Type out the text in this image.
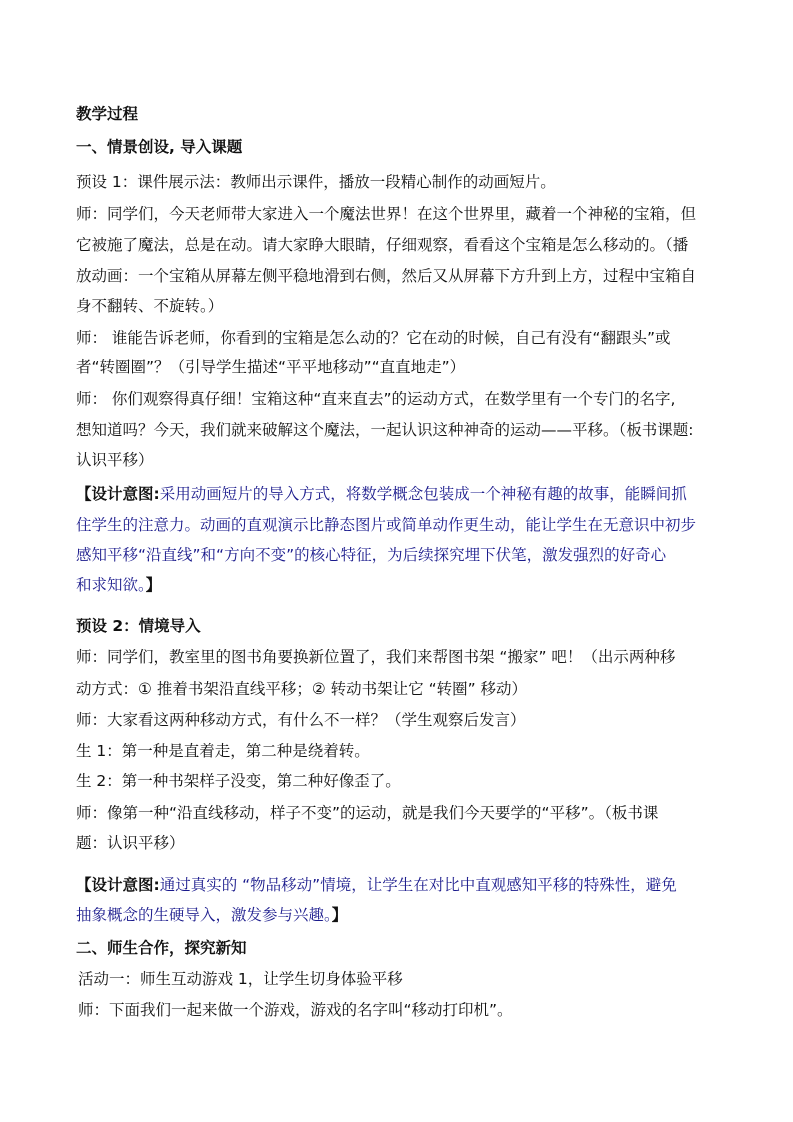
教学过程
一、情景创设, 导入课题
预设 1：课件展示法：教师出示课件，播放一段精心制作的动画短片。
师：同学们，今天老师带大家进入一个魔法世界！在这个世界里，藏着一个神秘的宝箱，但
它被施了魔法，总是在动。请大家睁大眼睛，仔细观察，看看这个宝箱是怎么移动的。（播
放动画：一个宝箱从屏幕左侧平稳地滑到右侧，然后又从屏幕下方升到上方，过程中宝箱自
身不翻转、不旋转。）
师： 谁能告诉老师，你看到的宝箱是怎么动的？它在动的时候，自己有没有“翻跟头”或
者“转圈圈”？（引导学生描述“平平地移动”“直直地走”）
师： 你们观察得真仔细！宝箱这种“直来直去”的运动方式，在数学里有一个专门的名字,
想知道吗？今天，我们就来破解这个魔法，一起认识这种神奇的运动——平移。（板书课题:
认识平移）
【设计意图:采用动画短片的导入方式，将数学概念包装成一个神秘有趣的故事，能瞬间抓
住学生的注意力。动画的直观演示比静态图片或简单动作更生动，能让学生在无意识中初步
感知平移“沿直线”和“方向不变”的核心特征，为后续探究埋下伏笔，激发强烈的好奇心
和求知欲。】
预设 2：情境导入
师：同学们，教室里的图书角要换新位置了，我们来帮图书架 “搬家” 吧！（出示两种移
动方式：① 推着书架沿直线平移；② 转动书架让它 “转圈” 移动）
师：大家看这两种移动方式，有什么不一样？（学生观察后发言）
生 1：第一种是直着走，第二种是绕着转。
生 2：第一种书架样子没变，第二种好像歪了。
师：像第一种“沿直线移动，样子不变”的运动，就是我们今天要学的“平移”。（板书课
题：认识平移）
【设计意图:通过真实的 “物品移动”情境，让学生在对比中直观感知平移的特殊性，避免
抽象概念的生硬导入，激发参与兴趣。】
二、师生合作，探究新知
活动一：师生互动游戏 1，让学生切身体验平移
师：下面我们一起来做一个游戏，游戏的名字叫“移动打印机”。
